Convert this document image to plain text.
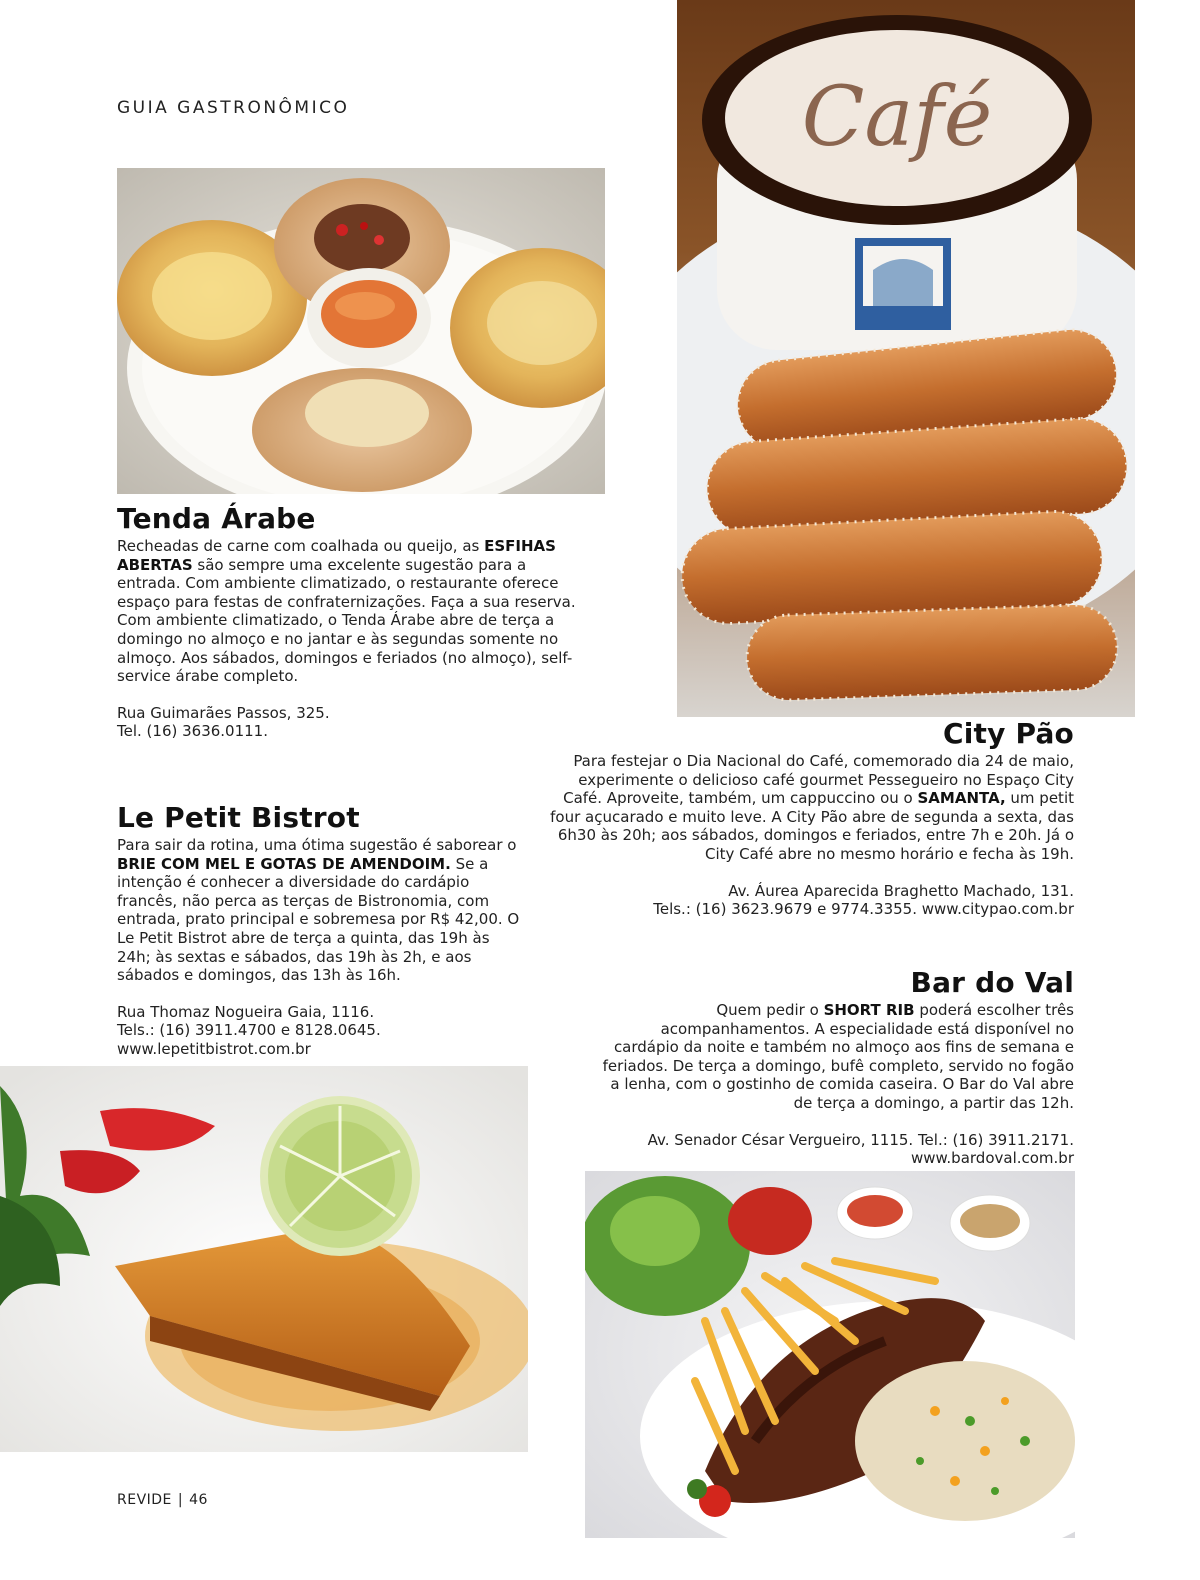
GUIA GASTRONÔMICO	Café
Tenda Árabe

Recheadas de carne com coalhada ou queijo, as ESFIHAS ABERTAS são sempre uma excelente sugestão para a entrada. Com ambiente climatizado, o restaurante oferece espaço para festas de confraternizações. Faça a sua reserva. Com ambiente climatizado, o Tenda Árabe abre de terça a domingo no almoço e no jantar e às segundas somente no almoço. Aos sábados, domingos e feriados (no almoço), self-service árabe completo.

Rua Guimarães Passos, 325.
Tel. (16) 3636.0111.	City Pão

Para festejar o Dia Nacional do Café, comemorado dia 24 de maio, experimente o delicioso café gourmet Pessegueiro no Espaço City Café. Aproveite, também, um cappuccino ou o SAMANTA, um petit four açucarado e muito leve. A City Pão abre de segunda a sexta, das 6h30 às 20h; aos sábados, domingos e feriados, entre 7h e 20h. Já o City Café abre no mesmo horário e fecha às 19h.

Av. Áurea Aparecida Braghetto Machado, 131.
Tels.: (16) 3623.9679 e 9774.3355. www.citypao.com.br

Le Petit Bistrot

Para sair da rotina, uma ótima sugestão é saborear o BRIE COM MEL E GOTAS DE AMENDOIM. Se a intenção é conhecer a diversidade do cardápio francês, não perca as terças de Bistronomia, com entrada, prato principal e sobremesa por R$ 42,00. O Le Petit Bistrot abre de terça a quinta, das 19h às 24h; às sextas e sábados, das 19h às 2h, e aos sábados e domingos, das 13h às 16h.

Rua Thomaz Nogueira Gaia, 1116.
Tels.: (16) 3911.4700 e 8128.0645.
www.lepetitbistrot.com.br

Bar do Val

Quem pedir o SHORT RIB poderá escolher três acompanhamentos. A especialidade está disponível no cardápio da noite e também no almoço aos fins de semana e feriados. De terça a domingo, bufê completo, servido no fogão a lenha, com o gostinho de comida caseira. O Bar do Val abre de terça a domingo, a partir das 12h.

Av. Senador César Vergueiro, 1115. Tel.: (16) 3911.2171.
www.bardoval.com.br

REVIDE | 46
